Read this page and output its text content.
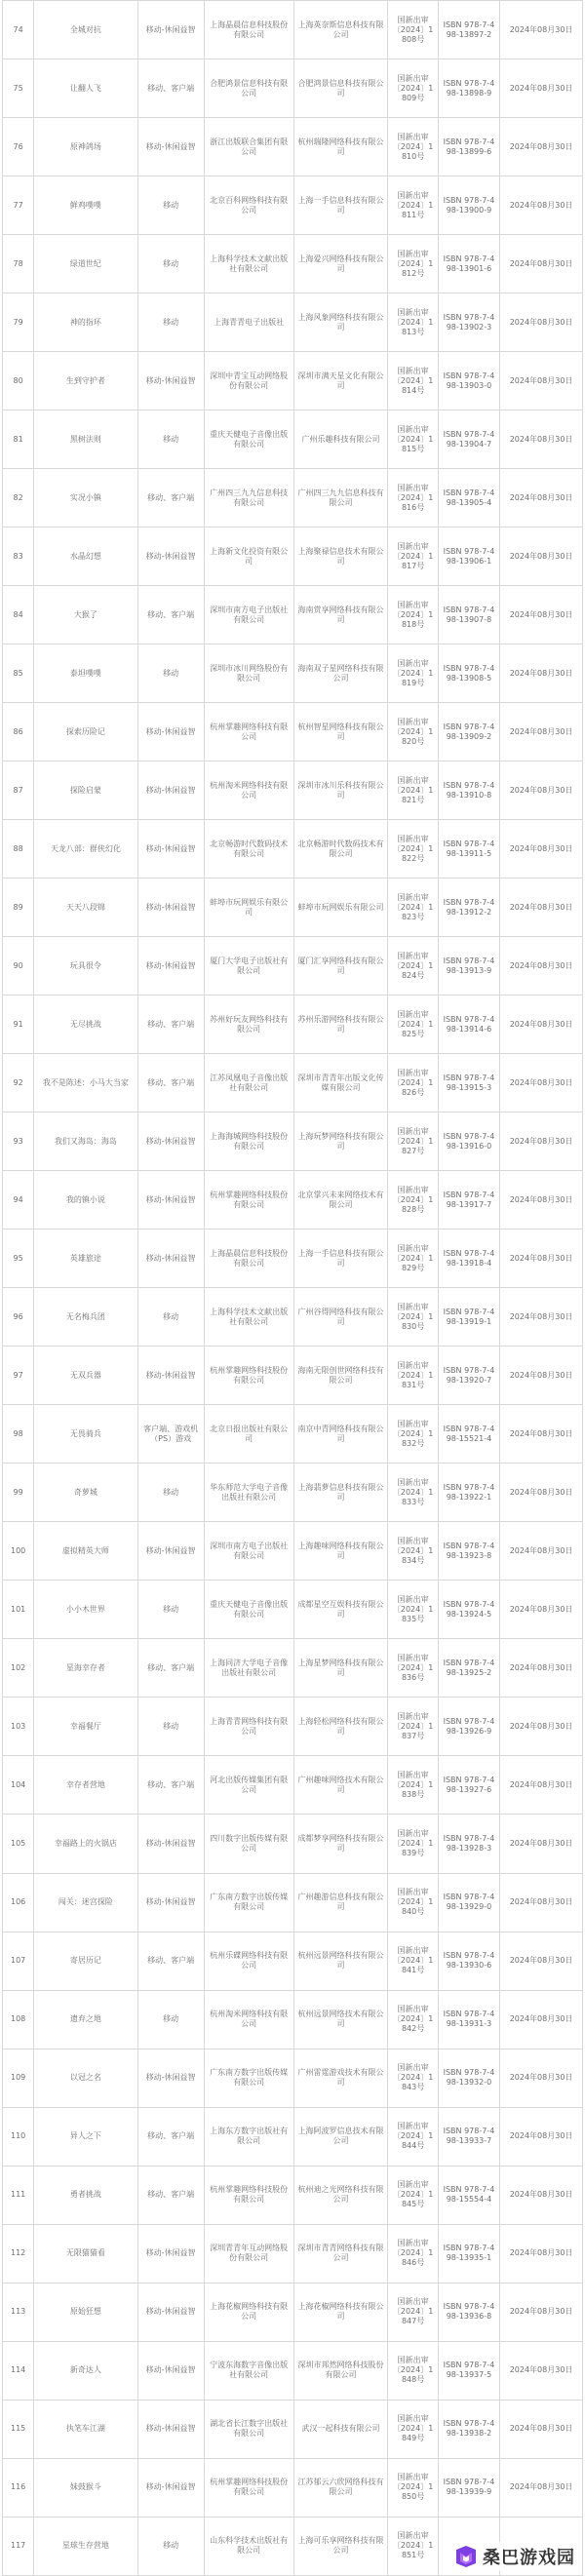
74	全城对抗	移动-休闲益智	上海晶晨信息科技股份有限公司	上海英奈斯信息科技有限公司	国新出审〔2024〕1808号	ISBN 978-7-498-13897-2	2024年08月30日
75	让翻人飞	移动、客户端	合肥鸿景信息科技有限公司	合肥鸿景信息科技有限公司	国新出审〔2024〕1809号	ISBN 978-7-498-13898-9	2024年08月30日
76	原神鸽场	移动-休闲益智	浙江出版联合集团有限公司	杭州瑞隆网络科技有限公司	国新出审〔2024〕1810号	ISBN 978-7-498-13899-6	2024年08月30日
77	鲜鸡噗噗	移动	北京百科网络科技有限公司	上海一手信息科技有限公司	国新出审〔2024〕1811号	ISBN 978-7-498-13900-9	2024年08月30日
78	绿道世纪	移动	上海科学技术文献出版社有限公司	上海爱兴网络科技有限公司	国新出审〔2024〕1812号	ISBN 978-7-498-13901-6	2024年08月30日
79	神的指环	移动	上海青青电子出版社	上海风象网络科技有限公司	国新出审〔2024〕1813号	ISBN 978-7-498-13902-3	2024年08月30日
80	生到守护者	移动-休闲益智	深圳中青宝互动网络股份有限公司	深圳市满天星文化有限公司	国新出审〔2024〕1814号	ISBN 978-7-498-13903-0	2024年08月30日
81	黑树法则	移动	重庆天健电子音像出版有限公司	广州乐趣科技有限公司	国新出审〔2024〕1815号	ISBN 978-7-498-13904-7	2024年08月30日
82	实况小镇	移动、客户端	广州四三九九信息科技有限公司	广州四三九九信息科技有限公司	国新出审〔2024〕1816号	ISBN 978-7-498-13905-4	2024年08月30日
83	水晶幻想	移动-休闲益智	上海新文化投资有限公司	上海聚禄信息技术有限公司	国新出审〔2024〕1817号	ISBN 978-7-498-13906-1	2024年08月30日
84	大猴了	移动、客户端	深圳市南方电子出版社有限公司	海南赏享网络科技有限公司	国新出审〔2024〕1818号	ISBN 978-7-498-13907-8	2024年08月30日
85	泰坦噗噗	移动	深圳市冰川网络股份有限公司	海南双子星网络科技有限公司	国新出审〔2024〕1819号	ISBN 978-7-498-13908-5	2024年08月30日
86	探索历险记	移动-休闲益智	杭州掌趣网络科技有限公司	杭州智星网络科技有限公司	国新出审〔2024〕1820号	ISBN 978-7-498-13909-2	2024年08月30日
87	探险启蒙	移动-休闲益智	杭州淘米网络科技有限公司	深圳市冰川乐科技有限公司	国新出审〔2024〕1821号	ISBN 978-7-498-13910-8	2024年08月30日
88	天龙八部：群侠幻化	移动-休闲益智	北京畅游时代数码技术有限公司	北京畅游时代数码技术有限公司	国新出审〔2024〕1822号	ISBN 978-7-498-13911-5	2024年08月30日
89	天天八段锦	移动-休闲益智	蚌埠市玩网娱乐有限公司	蚌埠市玩网娱乐有限公司	国新出审〔2024〕1823号	ISBN 978-7-498-13912-2	2024年08月30日
90	玩具很令	移动-休闲益智	厦门大学电子出版社有限公司	厦门汇享网络科技有限公司	国新出审〔2024〕1824号	ISBN 978-7-498-13913-9	2024年08月30日
91	无尽挑战	移动、客户端	苏州好玩友网络科技有限公司	苏州乐游网络科技有限公司	国新出审〔2024〕1825号	ISBN 978-7-498-13914-6	2024年08月30日
92	我不是陈述：小马大当家	移动、客户端	江苏凤凰电子音像出版社有限公司	深圳市青青年出版文化传媒有限公司	国新出审〔2024〕1826号	ISBN 978-7-498-13915-3	2024年08月30日
93	我们又海岛：海岛	移动-休闲益智	上海海城网络科技股份有限公司	上海玩梦网络科技有限公司	国新出审〔2024〕1827号	ISBN 978-7-498-13916-0	2024年08月30日
94	我的镇小说	移动-休闲益智	杭州掌趣网络科技股份有限公司	北京掌兴未来网络技术有限公司	国新出审〔2024〕1828号	ISBN 978-7-498-13917-7	2024年08月30日
95	英雄旅途	移动-休闲益智	上海晶晨信息科技股份有限公司	上海一手信息科技有限公司	国新出审〔2024〕1829号	ISBN 978-7-498-13918-4	2024年08月30日
96	无名梅兵团	移动	上海科学技术文献出版社有限公司	广州谷得网络科技有限公司	国新出审〔2024〕1830号	ISBN 978-7-498-13919-1	2024年08月30日
97	无双兵器	移动-休闲益智	杭州掌趣网络科技股份有限公司	海南无限创世网络科技有限公司	国新出审〔2024〕1831号	ISBN 978-7-498-13920-7	2024年08月30日
98	无畏骑兵	客户端、游戏机（PS）游戏	北京日报出版社有限公司	南京中青网络科技有限公司	国新出审〔2024〕1832号	ISBN 978-7-498-15521-4	2024年08月30日
99	奇萝城	移动	华东师范大学电子音像出版社有限公司	上海翡萝信息科技有限公司	国新出审〔2024〕1833号	ISBN 978-7-498-13922-1	2024年08月30日
100	虚拟精英大师	移动-休闲益智	深圳市南方电子出版社有限公司	上海趣味网络科技有限公司	国新出审〔2024〕1834号	ISBN 978-7-498-13923-8	2024年08月30日
101	小小木世界	移动	重庆天健电子音像出版有限公司	成都星空互娱科技有限公司	国新出审〔2024〕1835号	ISBN 978-7-498-13924-5	2024年08月30日
102	星海幸存者	移动、客户端	上海同济大学电子音像出版社有限公司	上海星梦网络科技有限公司	国新出审〔2024〕1836号	ISBN 978-7-498-13925-2	2024年08月30日
103	幸福餐厅	移动	上海青青网络科技有限公司	上海轻松网络科技有限公司	国新出审〔2024〕1837号	ISBN 978-7-498-13926-9	2024年08月30日
104	幸存者营地	移动、客户端	河北出版传媒集团有限公司	广州趣味网络技术有限公司	国新出审〔2024〕1838号	ISBN 978-7-498-13927-6	2024年08月30日
105	幸福路上的火锅店	移动-休闲益智	四川数字出版传媒有限公司	成都梦享网络科技有限公司	国新出审〔2024〕1839号	ISBN 978-7-498-13928-3	2024年08月30日
106	闯关：迷宫探险	移动-休闲益智	广东南方数字出版传媒有限公司	广州趣游信息科技有限公司	国新出审〔2024〕1840号	ISBN 978-7-498-13929-0	2024年08月30日
107	寄居历记	移动、客户端	杭州乐碟网络科技有限公司	杭州远景网络科技有限公司	国新出审〔2024〕1841号	ISBN 978-7-498-13930-6	2024年08月30日
108	遗弃之地	移动	杭州淘米网络科技有限公司	杭州远景网络技术有限公司	国新出审〔2024〕1842号	ISBN 978-7-498-13931-3	2024年08月30日
109	以冠之名	移动-休闲益智	广东南方数字出版传媒有限公司	广州雷霆游戏技术有限公司	国新出审〔2024〕1843号	ISBN 978-7-498-13932-0	2024年08月30日
110	异人之下	移动、客户端	上海东方数字出版社有限公司	上海阿波罗信息技术有限公司	国新出审〔2024〕1844号	ISBN 978-7-498-13933-7	2024年08月30日
111	勇者挑战	移动、客户端	杭州掌趣网络科技股份有限公司	杭州迪之光网络科技有限公司	国新出审〔2024〕1845号	ISBN 978-7-498-15554-4	2024年08月30日
112	无限猫猫看	移动-休闲益智	深圳青青年互动网络股份有限公司	深圳市青青网络科技有限公司	国新出审〔2024〕1846号	ISBN 978-7-498-13935-1	2024年08月30日
113	原始狂想	移动-休闲益智	上海花椒网络科技有限公司	上海花椒网络科技有限公司	国新出审〔2024〕1847号	ISBN 978-7-498-13936-8	2024年08月30日
114	新奇达人	移动-休闲益智	宁波东海数字音像出版社有限公司	深圳市邦然网络科技股份有限公司	国新出审〔2024〕1848号	ISBN 978-7-498-13937-5	2024年08月30日
115	执笔车江湖	移动-休闲益智	湖北省长江数字出版社有限公司	武汉一起科技有限公司	国新出审〔2024〕1849号	ISBN 978-7-498-13938-2	2024年08月30日
116	妹鼓猴斗	移动-休闲益智	杭州掌趣网络科技股份有限公司	江苏郁云六欣网络科技有限公司	国新出审〔2024〕1850号	ISBN 978-7-498-13939-9	2024年08月30日
117	星球生存营地	移动	山东科学技术出版社有限公司	上海可乐享网络科技有限公司	国新出审〔2024〕1851号			桑巴游戏园
